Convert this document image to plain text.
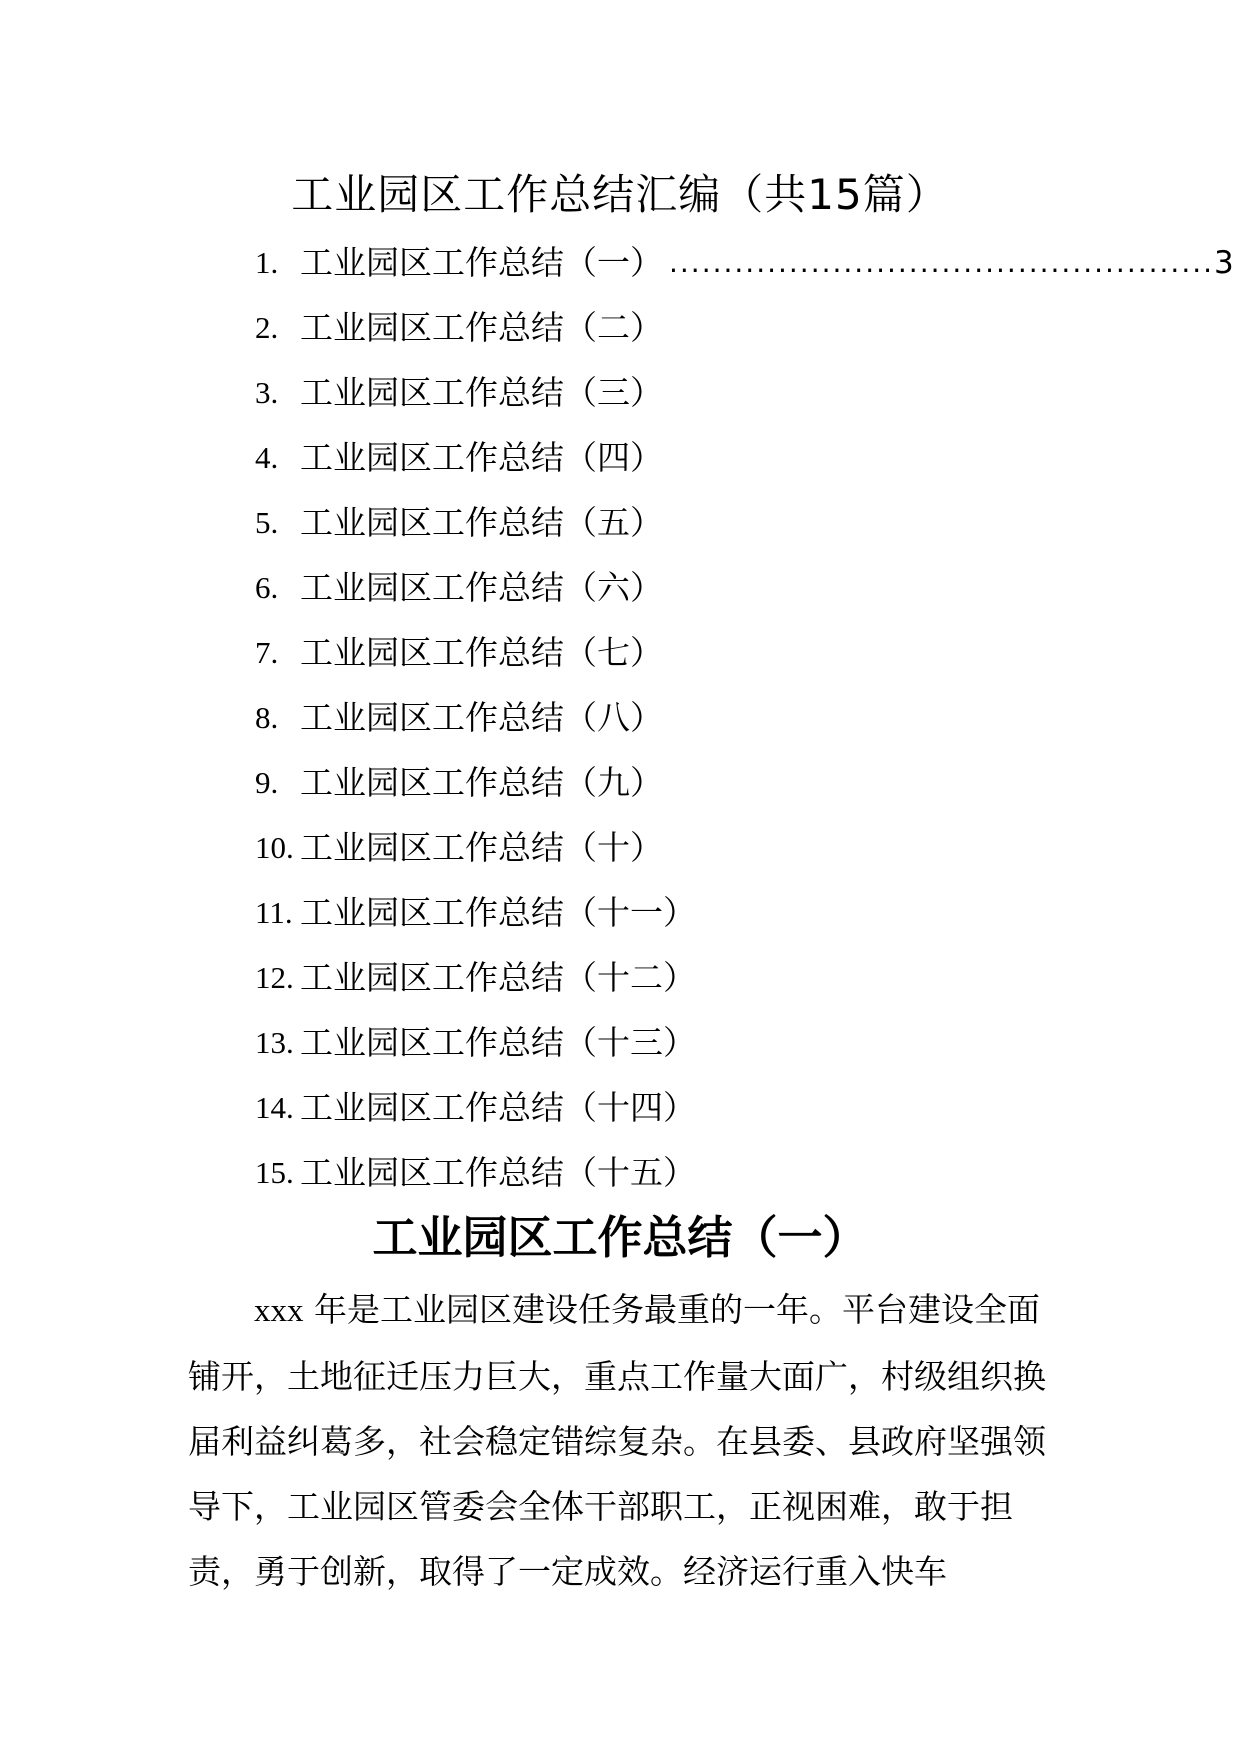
工业园区工作总结汇编（共15篇）
1. 工业园区工作总结（一） .................................................. 3
2. 工业园区工作总结（二）
3. 工业园区工作总结（三）
4. 工业园区工作总结（四）
5. 工业园区工作总结（五）
6. 工业园区工作总结（六）
7. 工业园区工作总结（七）
8. 工业园区工作总结（八）
9. 工业园区工作总结（九）
10. 工业园区工作总结（十）
11. 工业园区工作总结（十一）
12. 工业园区工作总结（十二）
13. 工业园区工作总结（十三）
14. 工业园区工作总结（十四）
15. 工业园区工作总结（十五）
工业园区工作总结（一）

xxx 年是工业园区建设任务最重的一年。平台建设全面铺开，土地征迁压力巨大，重点工作量大面广，村级组织换届利益纠葛多，社会稳定错综复杂。在县委、县政府坚强领导下，工业园区管委会全体干部职工，正视困难，敢于担责，勇于创新，取得了一定成效。经济运行重入快车
